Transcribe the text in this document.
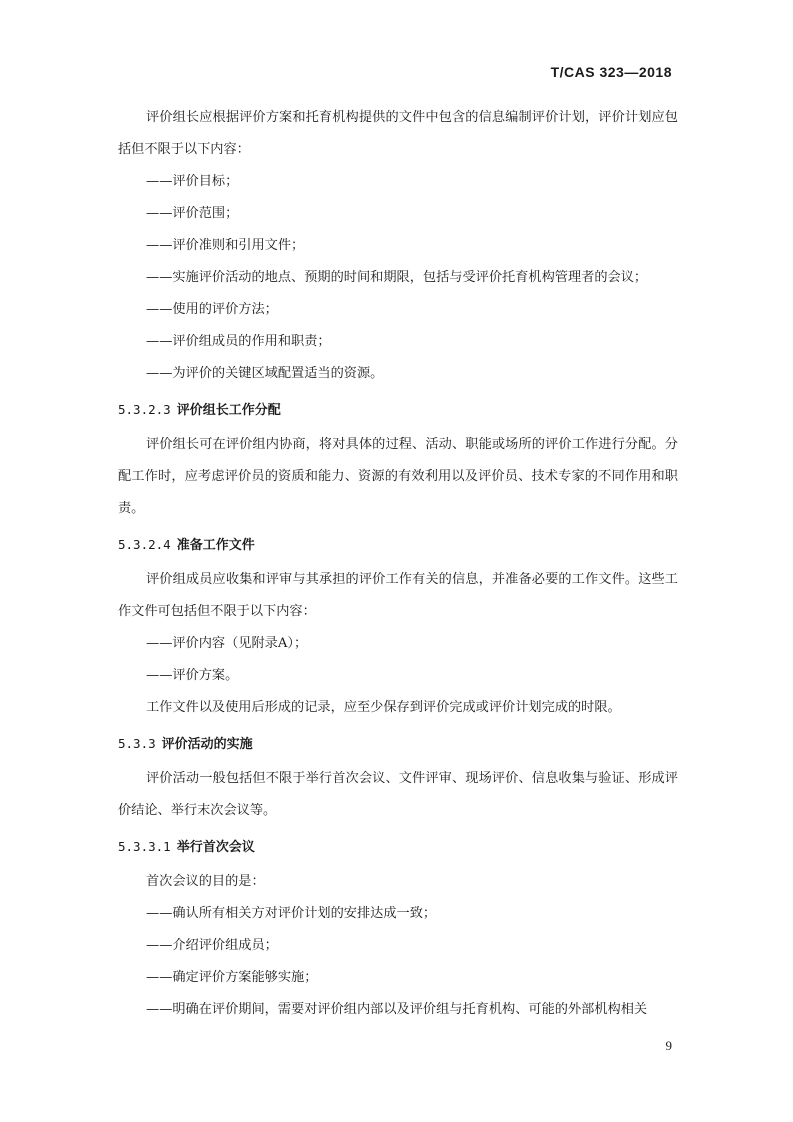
T/CAS 323—2018

评价组长应根据评价方案和托育机构提供的文件中包含的信息编制评价计划，评价计划应包括但不限于以下内容：

——评价目标；
——评价范围；
——评价准则和引用文件；
——实施评价活动的地点、预期的时间和期限，包括与受评价托育机构管理者的会议；
——使用的评价方法；
——评价组成员的作用和职责；
——为评价的关键区域配置适当的资源。
5.3.2.3 评价组长工作分配

评价组长可在评价组内协商，将对具体的过程、活动、职能或场所的评价工作进行分配。分配工作时，应考虑评价员的资质和能力、资源的有效利用以及评价员、技术专家的不同作用和职责。

5.3.2.4 准备工作文件

评价组成员应收集和评审与其承担的评价工作有关的信息，并准备必要的工作文件。这些工作文件可包括但不限于以下内容：

——评价内容（见附录A）；
——评价方案。

工作文件以及使用后形成的记录，应至少保存到评价完成或评价计划完成的时限。

5.3.3 评价活动的实施

评价活动一般包括但不限于举行首次会议、文件评审、现场评价、信息收集与验证、形成评价结论、举行末次会议等。

5.3.3.1 举行首次会议

首次会议的目的是：

——确认所有相关方对评价计划的安排达成一致；
——介绍评价组成员；
——确定评价方案能够实施；
——明确在评价期间，需要对评价组内部以及评价组与托育机构、可能的外部机构相关
9
